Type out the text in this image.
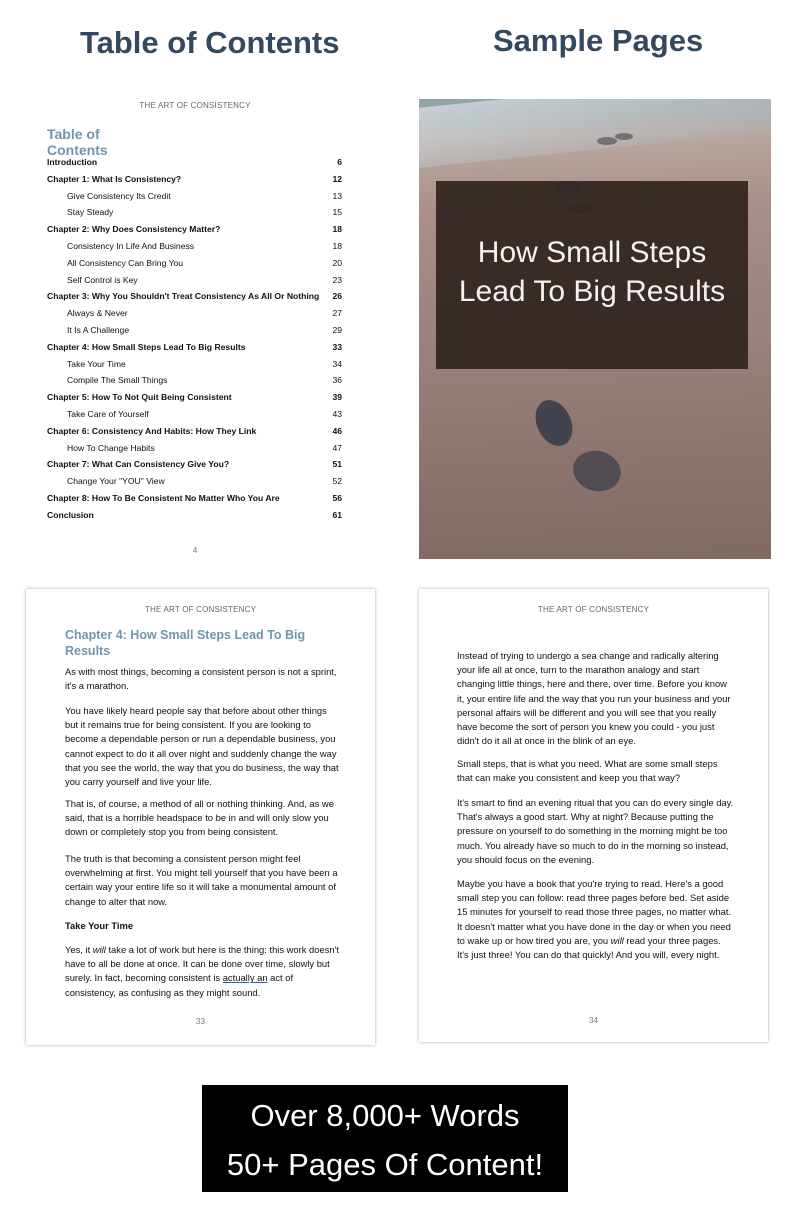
Table of Contents	Sample Pages
THE ART OF CONSISTENCY
Table of Contents
Introduction	6
Chapter 1: What Is Consistency?	12
Give Consistency Its Credit	13
Stay Steady	15
Chapter 2: Why Does Consistency Matter?	18
Consistency In Life And Business	18
All Consistency Can Bring You	20
Self Control is Key	23
Chapter 3: Why You Shouldn't Treat Consistency As All Or Nothing 26
Always & Never	27
It Is A Challenge	29
Chapter 4: How Small Steps Lead To Big Results	33
Take Your Time	34
Compile The Small Things	36
Chapter 5: How To Not Quit Being Consistent	39
Take Care of Yourself	43
Chapter 6: Consistency And Habits: How They Link	46
How To Change Habits	47
Chapter 7: What Can Consistency Give You?	51
Change Your "YOU" View	52
Chapter 8: How To Be Consistent No Matter Who You Are	56
Conclusion	61
4
How Small Steps
Lead To Big Results
THE ART OF CONSISTENCY
Chapter 4: How Small Steps Lead To Big Results

As with most things, becoming a consistent person is not a sprint, it's a marathon.

You have likely heard people say that before about other things but it remains true for being consistent. If you are looking to become a dependable person or run a dependable business, you cannot expect to do it all over night and suddenly change the way that you see the world, the way that you do business, the way that you carry yourself and live your life.

That is, of course, a method of all or nothing thinking. And, as we said, that is a horrible headspace to be in and will only slow you down or completely stop you from being consistent.

The truth is that becoming a consistent person might feel overwhelming at first. You might tell yourself that you have been a certain way your entire life so it will take a monumental amount of change to alter that now.

Take Your Time

Yes, it will take a lot of work but here is the thing: this work doesn't have to all be done at once. It can be done over time, slowly but surely. In fact, becoming consistent is actually an act of consistency, as confusing as they might sound.

33
THE ART OF CONSISTENCY

Instead of trying to undergo a sea change and radically altering your life all at once, turn to the marathon analogy and start changing little things, here and there, over time. Before you know it, your entire life and the way that you run your business and your personal affairs will be different and you will see that you really have become the sort of person you knew you could - you just didn't do it all at once in the blink of an eye.

Small steps, that is what you need. What are some small steps that can make you consistent and keep you that way?

It's smart to find an evening ritual that you can do every single day. That's always a good start. Why at night? Because putting the pressure on yourself to do something in the morning might be too much. You already have so much to do in the morning so instead, you should focus on the evening.

Maybe you have a book that you're trying to read. Here's a good small step you can follow: read three pages before bed. Set aside 15 minutes for yourself to read those three pages, no matter what. It doesn't matter what you have done in the day or when you need to wake up or how tired you are, you will read your three pages. It's just three! You can do that quickly! And you will, every night.

34
Over 8,000+ Words
50+ Pages Of Content!
